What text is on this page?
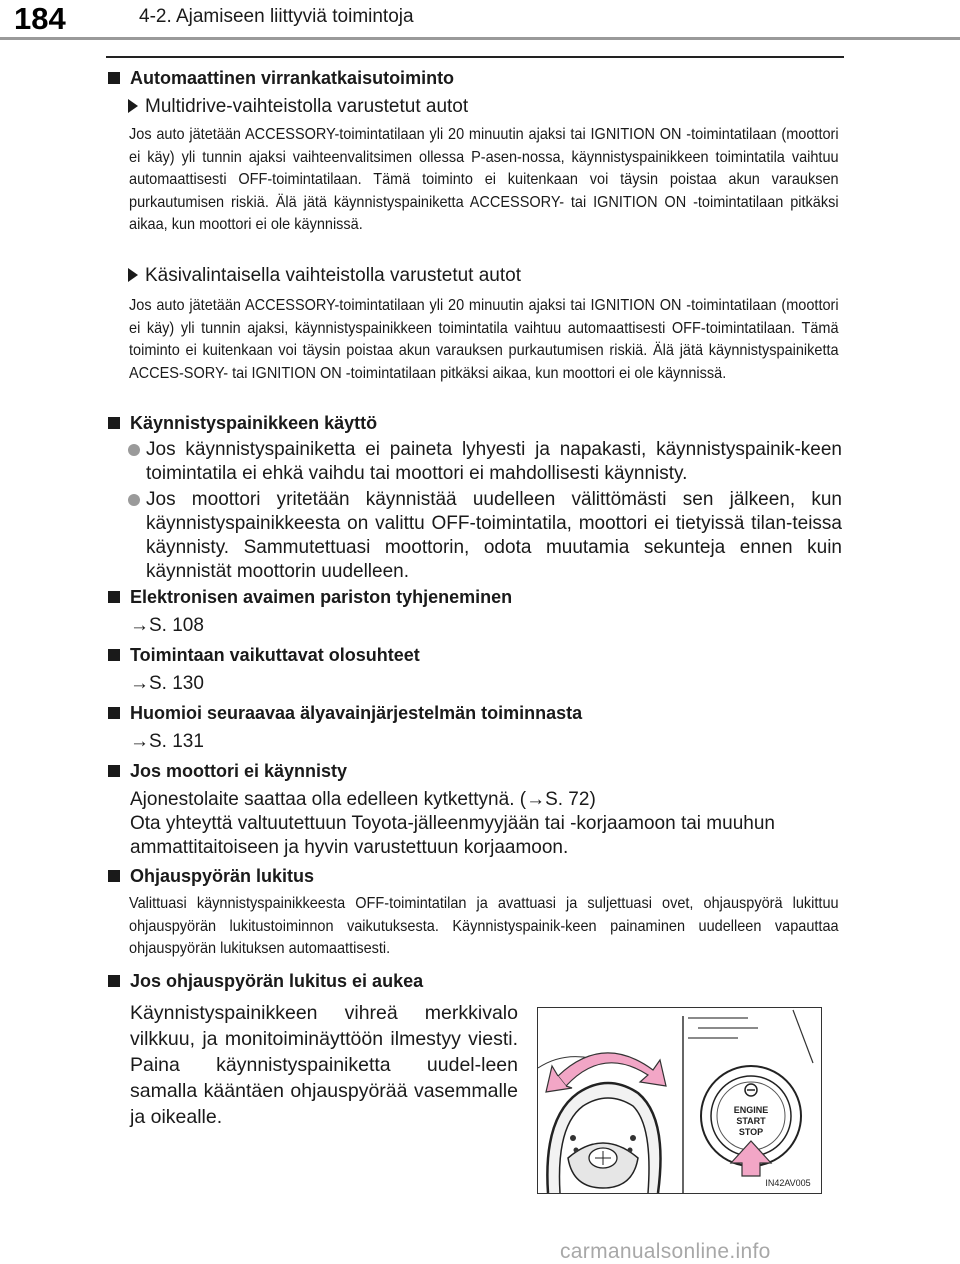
184	4-2. Ajamiseen liittyviä toimintoja
Automaattinen virrankatkaisutoiminto
Multidrive-vaihteistolla varustetut autot
Jos auto jätetään ACCESSORY-toimintatilaan yli 20 minuutin ajaksi tai IGNITION ON -toimintatilaan (moottori ei käy) yli tunnin ajaksi vaihteenvalitsimen ollessa P-asen-nossa, käynnistyspainikkeen toimintatila vaihtuu automaattisesti OFF-toimintatilaan. Tämä toiminto ei kuitenkaan voi täysin poistaa akun varauksen purkautumisen riskiä. Älä jätä käynnistyspainiketta ACCESSORY- tai IGNITION ON -toimintatilaan pitkäksi aikaa, kun moottori ei ole käynnissä.
Käsivalintaisella vaihteistolla varustetut autot
Jos auto jätetään ACCESSORY-toimintatilaan yli 20 minuutin ajaksi tai IGNITION ON -toimintatilaan (moottori ei käy) yli tunnin ajaksi, käynnistyspainikkeen toimintatila vaihtuu automaattisesti OFF-toimintatilaan. Tämä toiminto ei kuitenkaan voi täysin poistaa akun varauksen purkautumisen riskiä. Älä jätä käynnistyspainiketta ACCES-SORY- tai IGNITION ON -toimintatilaan pitkäksi aikaa, kun moottori ei ole käynnissä.
Käynnistyspainikkeen käyttö
Jos käynnistyspainiketta ei paineta lyhyesti ja napakasti, käynnistyspainik-keen toimintatila ei ehkä vaihdu tai moottori ei mahdollisesti käynnisty.
Jos moottori yritetään käynnistää uudelleen välittömästi sen jälkeen, kun käynnistyspainikkeesta on valittu OFF-toimintatila, moottori ei tietyissä tilan-teissa käynnisty. Sammutettuasi moottorin, odota muutamia sekunteja ennen kuin käynnistät moottorin uudelleen.
Elektronisen avaimen pariston tyhjeneminen
→S. 108
Toimintaan vaikuttavat olosuhteet
→S. 130
Huomioi seuraavaa älyavainjärjestelmän toiminnasta
→S. 131
Jos moottori ei käynnisty
Ajonestolaite saattaa olla edelleen kytkettynä. (→S. 72)
Ota yhteyttä valtuutettuun Toyota-jälleenmyyjään tai -korjaamoon tai muuhun ammattitaitoiseen ja hyvin varustettuun korjaamoon.
Ohjauspyörän lukitus
Valittuasi käynnistyspainikkeesta OFF-toimintatilan ja avattuasi ja suljettuasi ovet, ohjauspyörä lukittuu ohjauspyörän lukitustoiminnon vaikutuksesta. Käynnistyspainik-keen painaminen uudelleen vapauttaa ohjauspyörän lukituksen automaattisesti.
Jos ohjauspyörän lukitus ei aukea
Käynnistyspainikkeen vihreä merkkivalo vilkkuu, ja monitoiminäyttöön ilmestyy viesti. Paina käynnistyspainiketta uudel-leen samalla kääntäen ohjauspyörää vasemmalle ja oikealle.	ENGINE
START
STOP
IN42AV005
carmanualsonline.info
